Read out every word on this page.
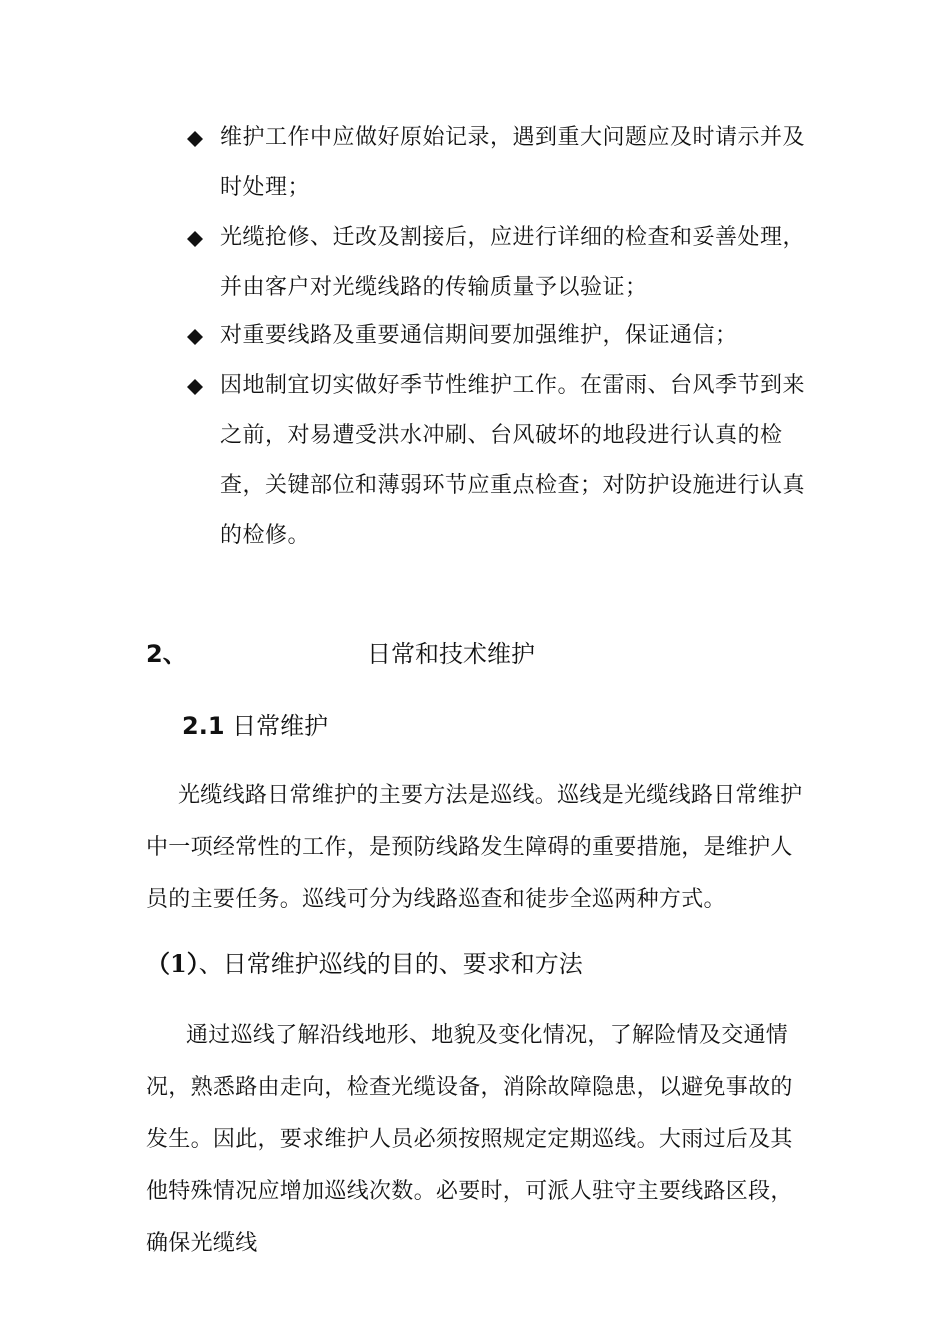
维护工作中应做好原始记录，遇到重大问题应及时请示并及时处理；
光缆抢修、迁改及割接后，应进行详细的检查和妥善处理，并由客户对光缆线路的传输质量予以验证；
对重要线路及重要通信期间要加强维护，保证通信；
因地制宜切实做好季节性维护工作。在雷雨、台风季节到来之前，对易遭受洪水冲刷、台风破坏的地段进行认真的检查，关键部位和薄弱环节应重点检查；对防护设施进行认真的检修。
2、	日常和技术维护
2.1 日常维护
光缆线路日常维护的主要方法是巡线。巡线是光缆线路日常维护中一项经常性的工作，是预防线路发生障碍的重要措施，是维护人员的主要任务。巡线可分为线路巡查和徒步全巡两种方式。
（1）、日常维护巡线的目的、要求和方法
通过巡线了解沿线地形、地貌及变化情况，了解险情及交通情况，熟悉路由走向，检查光缆设备，消除故障隐患，以避免事故的发生。因此，要求维护人员必须按照规定定期巡线。大雨过后及其他特殊情况应增加巡线次数。必要时，可派人驻守主要线路区段，确保光缆线
